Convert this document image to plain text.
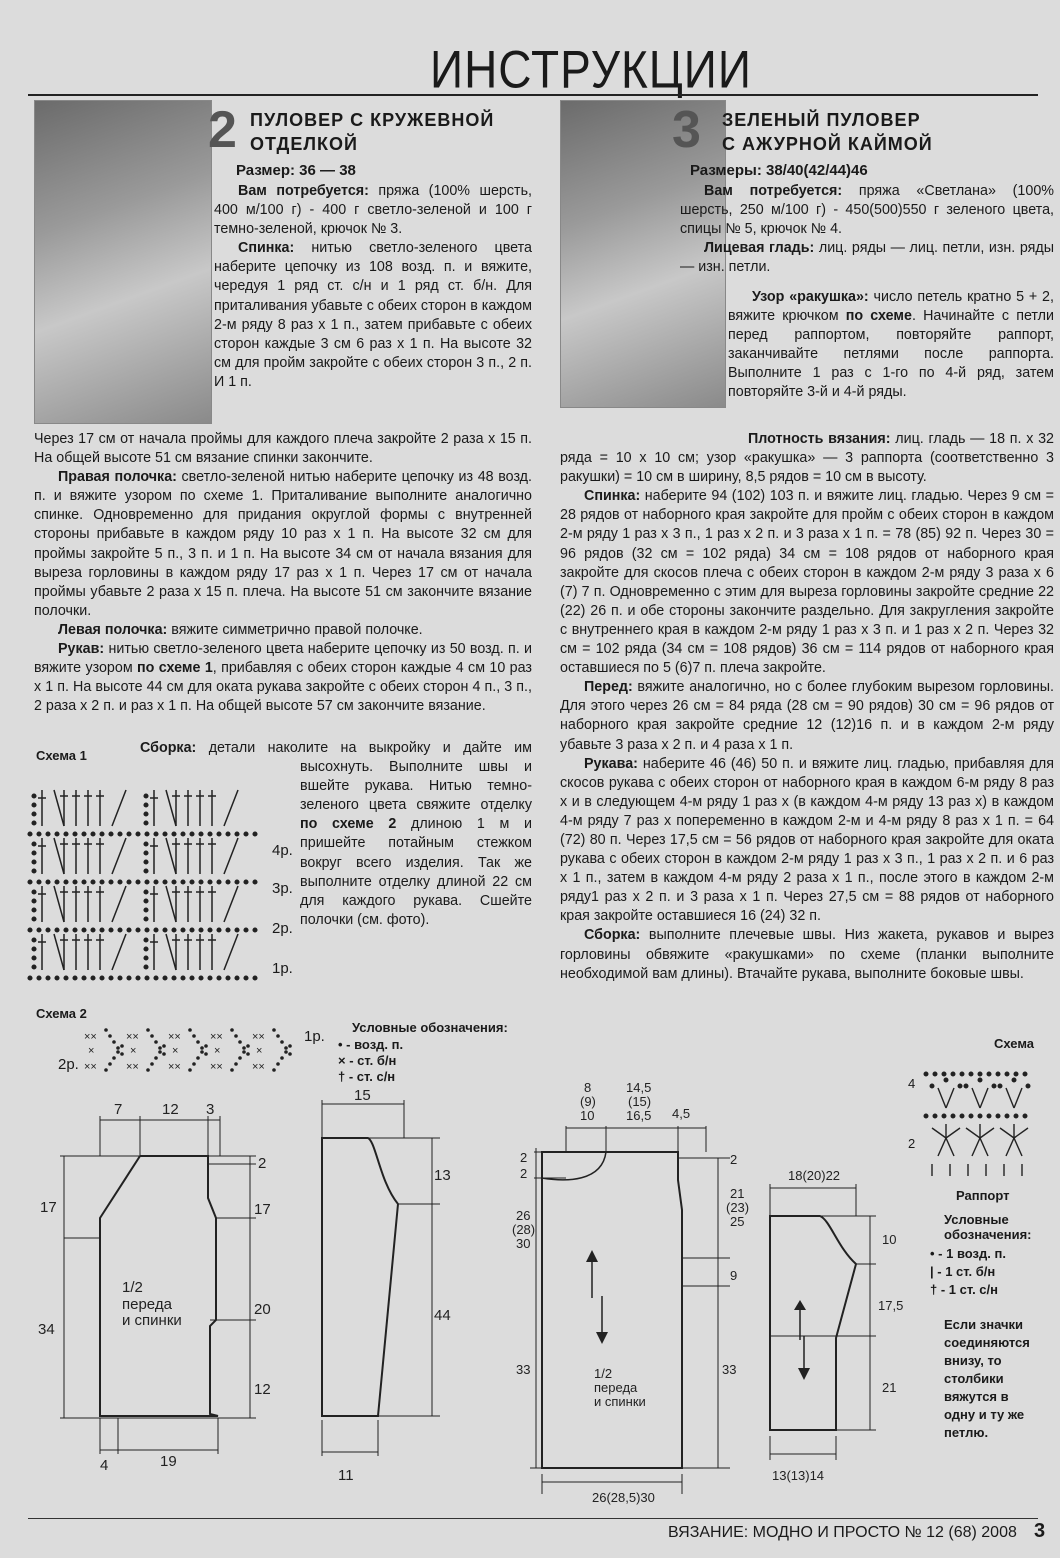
ИНСТРУКЦИИ
2 ПУЛОВЕР С КРУЖЕВНОЙ
ОТДЕЛКОЙ
Размер: 36 — 38

Вам потребуется: пряжа (100% шерсть, 400 м/100 г) - 400 г светло-зеленой и 100 г темно-зеленой, крючок № 3.

Спинка: нитью светло-зеленого цвета наберите цепочку из 108 возд. п. и вяжите, чередуя 1 ряд ст. с/н и 1 ряд ст. б/н. Для приталивания убавьте с обеих сторон в каждом 2-м ряду 8 раз х 1 п., затем прибавьте с обеих сторон каждые 3 см 6 раз х 1 п. На высоте 32 см для пройм закройте с обеих сторон 3 п., 2 п. И 1 п.

Через 17 см от начала проймы для каждого плеча закройте 2 раза х 15 п. На общей высоте 51 см вязание спинки закончите.

Правая полочка: светло-зеленой нитью наберите цепочку из 48 возд. п. и вяжите узором по схеме 1. Приталивание выполните аналогично спинке. Одновременно для придания округлой формы с внутренней стороны прибавьте в каждом ряду 10 раз х 1 п. На высоте 32 см для проймы закройте 5 п., 3 п. и 1 п. На высоте 34 см от начала вязания для выреза горловины в каждом ряду 17 раз х 1 п. Через 17 см от начала проймы убавьте 2 раза х 15 п. плеча. На высоте 51 см закончите вязание полочки.

Левая полочка: вяжите симметрично правой полочке.

Рукав: нитью светло-зеленого цвета наберите цепочку из 50 возд. п. и вяжите узором по схеме 1, прибавляя с обеих сторон каждые 4 см 10 раз х 1 п. На высоте 44 см для оката рукава закройте с обеих сторон 4 п., 3 п., 2 раза х 2 п. и раз х 1 п. На общей высоте 57 см закончите вязание.

Сборка: детали наколите на выкройку и дайте им высохнуть. Выполните швы и вшейте рукава. Нитью темно-зеленого цвета свяжите отделку по схеме 2 длиною 1 м и пришейте потайным стежком вокруг всего изделия. Так же выполните отделку длиной 22 см для каждого рукава. Сшейте полочки (см. фото).

Схема 1
4р.
3р.
2р.
1р.
Схема 2
××
×
××
××
×
××
××
×
××
××
×
××
××
×
××
1р.
2р.
Условные обозначения:
• - возд. п.
× - ст. б/н
† - ст. с/н
7	12 3
2
17	17
20
12
34
4	19
1/2
переда
и спинки
15
13
44
11
3 ЗЕЛЕНЫЙ ПУЛОВЕР
С АЖУРНОЙ КАЙМОЙ
Размеры: 38/40(42/44)46

Вам потребуется: пряжа «Светлана» (100% шерсть, 250 м/100 г) - 450(500)550 г зеленого цвета, спицы № 5, крючок № 4.

Лицевая гладь: лиц. ряды — лиц. петли, изн. ряды — изн. петли.

Узор «ракушка»: число петель кратно 5 + 2, вяжите крючком по схеме. Начинайте с петли перед раппортом, повторяйте раппорт, заканчивайте петлями после раппорта. Выполните 1 раз с 1-го по 4-й ряд, затем повторяйте 3-й и 4-й ряды.

Плотность вязания: лиц. гладь — 18 п. х 32 ряда = 10 х 10 см; узор «ракушка» — 3 раппорта (соответственно 3 ракушки) = 10 см в ширину, 8,5 рядов = 10 см в высоту.

Спинка: наберите 94 (102) 103 п. и вяжите лиц. гладью. Через 9 см = 28 рядов от наборного края закройте для пройм с обеих сторон в каждом 2-м ряду 1 раз х 3 п., 1 раз х 2 п. и 3 раза х 1 п. = 78 (85) 92 п. Через 30 = 96 рядов (32 см = 102 ряда) 34 см = 108 рядов от наборного края закройте для скосов плеча с обеих сторон в каждом 2-м ряду 3 раза х 6 (7) 7 п. Одновременно с этим для выреза горловины закройте средние 22 (22) 26 п. и обе стороны закончите раздельно. Для закругления закройте с внутреннего края в каждом 2-м ряду 1 раз х 3 п. и 1 раз х 2 п. Через 32 см = 102 ряда (34 см = 108 рядов) 36 см = 114 рядов от наборного края оставшиеся по 5 (6)7 п. плеча закройте.

Перед: вяжите аналогично, но с более глубоким вырезом горловины. Для этого через 26 см = 84 ряда (28 см = 90 рядов) 30 см = 96 рядов от наборного края закройте средние 12 (12)16 п. и в каждом 2-м ряду убавьте 3 раза х 2 п. и 4 раза х 1 п.

Рукава: наберите 46 (46) 50 п. и вяжите лиц. гладью, прибавляя для скосов рукава с обеих сторон от наборного края в каждом 6-м ряду 8 раз х и в следующем 4-м ряду 1 раз х (в каждом 4-м ряду 13 раз х) в каждом 4-м ряду 7 раз х попеременно в каждом 2-м и 4-м ряду 8 раз х 1 п. = 64 (72) 80 п. Через 17,5 см = 56 рядов от наборного края закройте для оката рукава с обеих сторон в каждом 2-м ряду 1 раз х 3 п., 1 раз х 2 п. и 6 раз х 1 п., затем в каждом 4-м ряду 2 раза х 1 п., после этого в каждом 2-м ряду1 раз х 2 п. и 3 раза х 1 п. Через 27,5 см = 88 рядов от наборного края закройте оставшиеся 16 (24) 32 п.

Сборка: выполните плечевые швы. Низ жакета, рукавов и вырез горловины обвяжите «ракушками» по схеме (планки выполните необходимой вам длины). Втачайте рукава, выполните боковые швы.

8
(9)
10
14,5
(15)
16,5 4,5
2
2
2
26
(28)
30
21
(23)
25
9
33	33
1/2
переда
и спинки
26(28,5)30
18(20)22
10
17,5
21
13(13)14
Схема
4
2
Раппорт
Условные
обозначения:
• - 1 возд. п.
| - 1 ст. б/н
† - 1 ст. с/н
Если значки
соединяются
внизу, то
столбики
вяжутся в
одну и ту же
петлю.
ВЯЗАНИЕ: МОДНО И ПРОСТО № 12 (68) 2008 3
